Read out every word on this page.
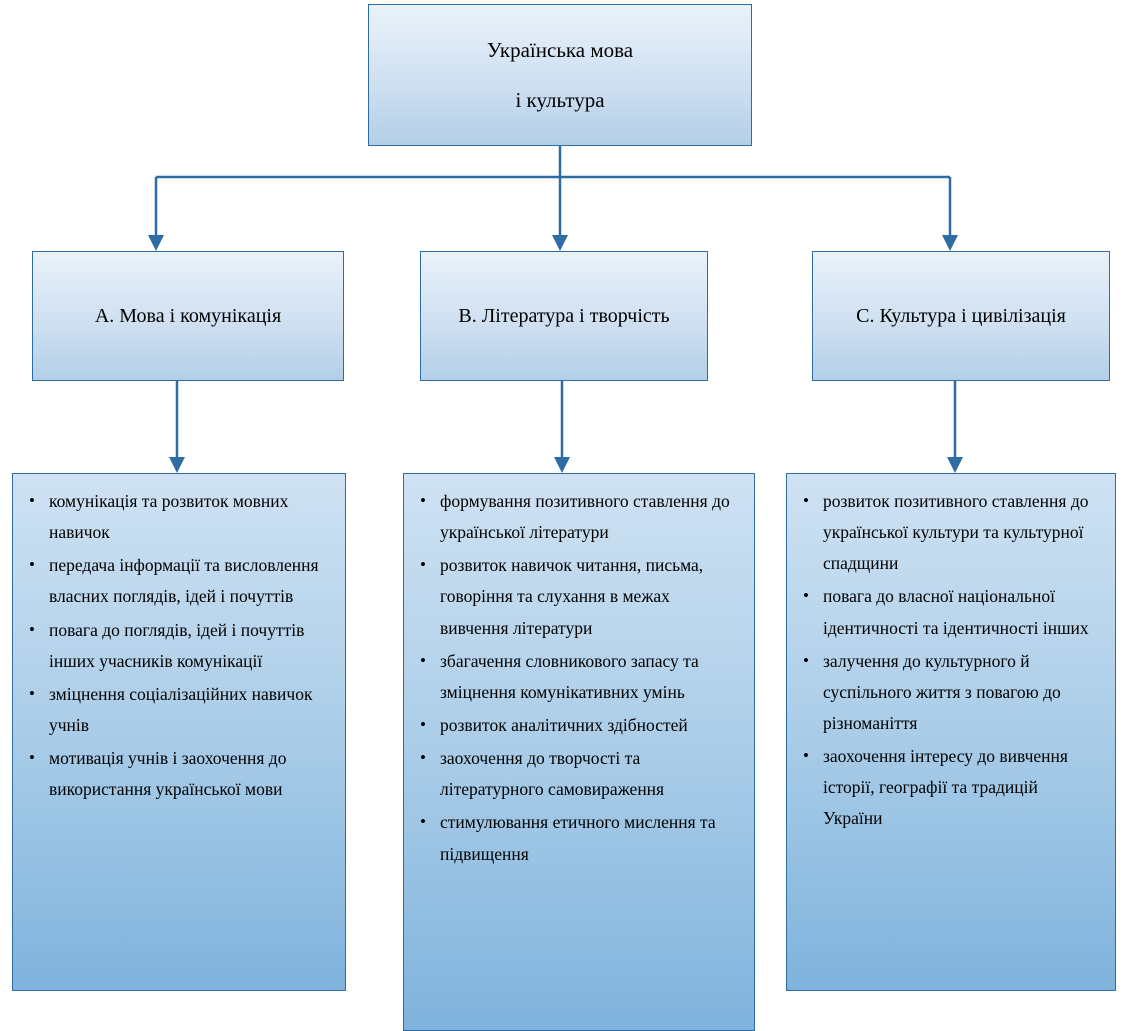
Українська мова
і культура
А. Мова і комунікація	В. Література і творчість	С. Культура і цивілізація
• комунікація та розвиток мовних навичок
• передача інформації та висловлення власних поглядів, ідей і почуттів
• повага до поглядів, ідей і почуттів інших учасників комунікації
• зміцнення соціалізаційних навичок учнів
• мотивація учнів і заохочення до використання української мови
• формування позитивного ставлення до української літератури
• розвиток навичок читання, письма, говоріння та слухання в межах вивчення літератури
• збагачення словникового запасу та зміцнення комунікативних умінь
• розвиток аналітичних здібностей
• заохочення до творчості та літературного самовираження
• стимулювання етичного мислення та підвищення
• розвиток позитивного ставлення до української культури та культурної спадщини
• повага до власної національної ідентичності та ідентичності інших
• залучення до культурного й суспільного життя з повагою до різноманіття
• заохочення інтересу до вивчення історії, географії та традицій України
